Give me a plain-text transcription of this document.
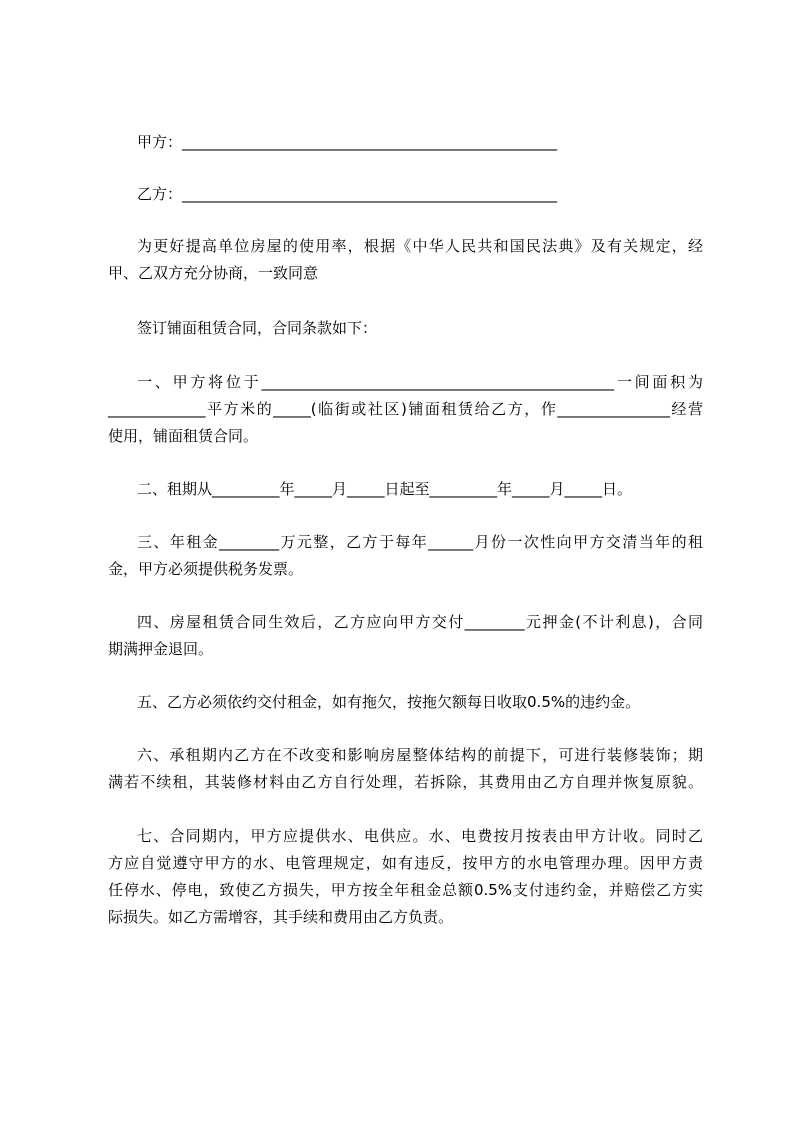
甲方：__________________________________________________
乙方：__________________________________________________
为更好提高单位房屋的使用率，根据《中华人民共和国民法典》及有关规定，经
甲、乙双方充分协商，一致同意
签订铺面租赁合同，合同条款如下：
一、甲方将位于_______________________________________________一间面积为
_____________平方米的_____(临街或社区)铺面租赁给乙方，作_______________经营
使用，铺面租赁合同。
二、租期从_________年_____月_____日起至_________年_____月_____日。
三、年租金________万元整，乙方于每年______月份一次性向甲方交清当年的租
金，甲方必须提供税务发票。
四、房屋租赁合同生效后，乙方应向甲方交付________元押金(不计利息)，合同
期满押金退回。
五、乙方必须依约交付租金，如有拖欠，按拖欠额每日收取0.5%的违约金。
六、承租期内乙方在不改变和影响房屋整体结构的前提下，可进行装修装饰；期
满若不续租，其装修材料由乙方自行处理，若拆除，其费用由乙方自理并恢复原貌。
七、合同期内，甲方应提供水、电供应。水、电费按月按表由甲方计收。同时乙
方应自觉遵守甲方的水、电管理规定，如有违反，按甲方的水电管理办理。因甲方责
任停水、停电，致使乙方损失，甲方按全年租金总额0.5%支付违约金，并赔偿乙方实
际损失。如乙方需增容，其手续和费用由乙方负责。
